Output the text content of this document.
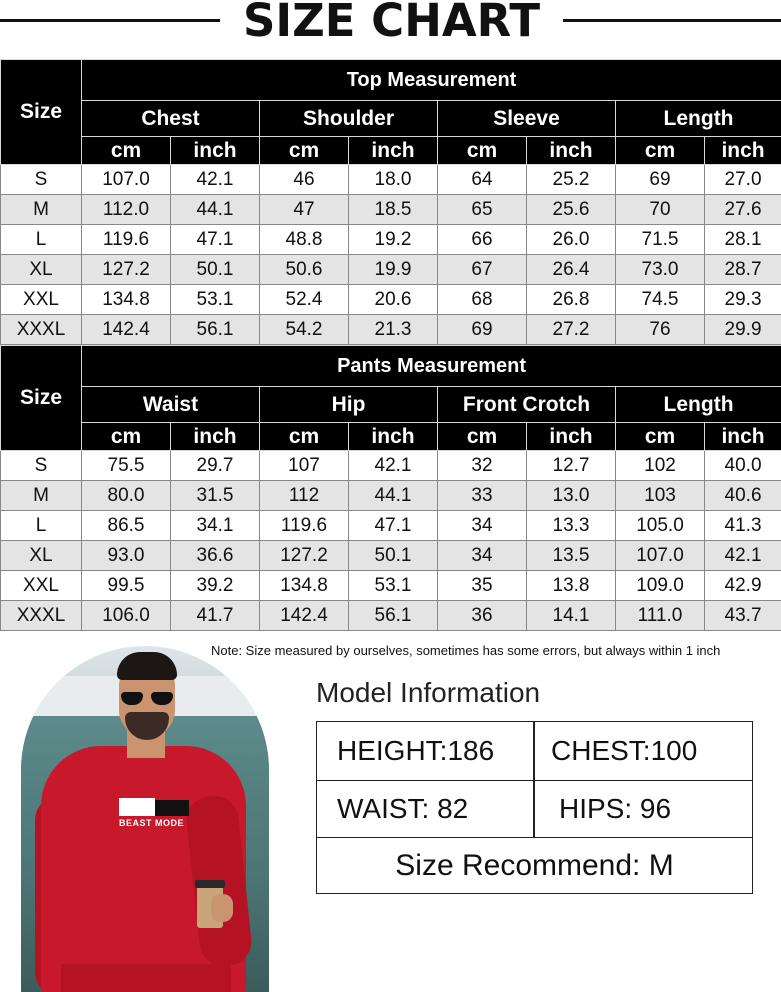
SIZE CHART
Size	Top Measurement							
	Chest		Shoulder		Sleeve		Length	
	cm	inch	cm	inch	cm	inch	cm	inch
S	107.0	42.1	46	18.0	64	25.2	69	27.0
M	112.0	44.1	47	18.5	65	25.6	70	27.6
L	119.6	47.1	48.8	19.2	66	26.0	71.5	28.1
XL	127.2	50.1	50.6	19.9	67	26.4	73.0	28.7
XXL	134.8	53.1	52.4	20.6	68	26.8	74.5	29.3
XXXL	142.4	56.1	54.2	21.3	69	27.2	76	29.9
Size	Pants Measurement							
	Waist		Hip		Front Crotch		Length	
	cm	inch	cm	inch	cm	inch	cm	inch
S	75.5	29.7	107	42.1	32	12.7	102	40.0
M	80.0	31.5	112	44.1	33	13.0	103	40.6
L	86.5	34.1	119.6	47.1	34	13.3	105.0	41.3
XL	93.0	36.6	127.2	50.1	34	13.5	107.0	42.1
XXL	99.5	39.2	134.8	53.1	35	13.8	109.0	42.9
XXXL	106.0	41.7	142.4	56.1	36	14.1	111.0	43.7
Note: Size measured by ourselves, sometimes has some errors, but always within 1 inch
BEAST MODE
Model Information
HEIGHT:186 CHEST:100
WAIST: 82	HIPS: 96
Size Recommend: M
